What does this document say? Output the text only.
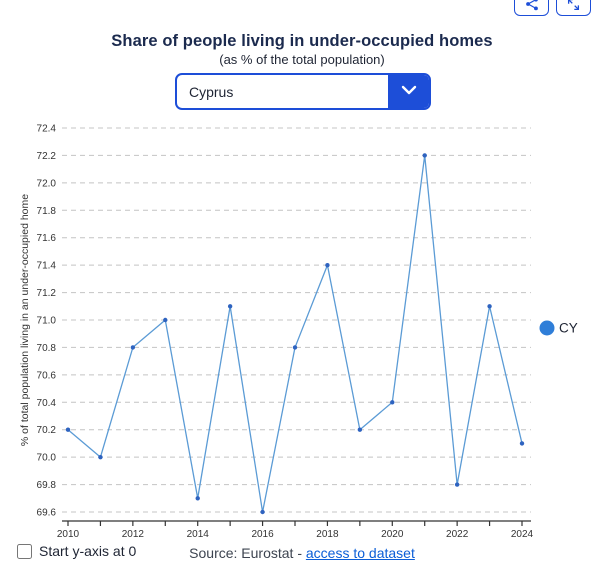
Share of people living in under-occupied homes
(as % of the total population)
Cyprus
69.6
69.8
70.0
70.2
70.4
70.6
70.8
71.0
71.2
71.4
71.6
71.8
72.0
72.2
72.4
2010	2012	2014	2016	2018	2020	2022	2024
% of total population living in an under-occupied home	CY
Start y-axis at 0	Source: Eurostat - access to dataset
